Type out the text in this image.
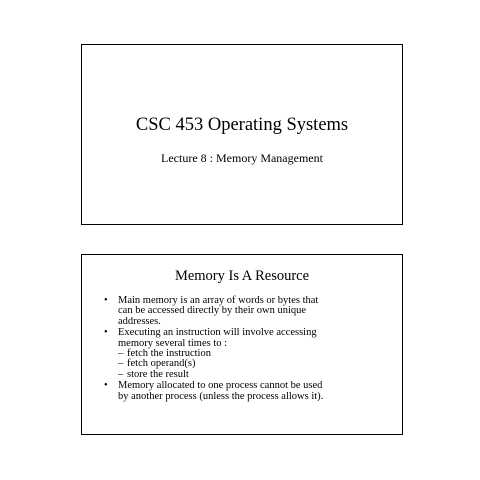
CSC 453 Operating Systems
Lecture 8 : Memory Management
Memory Is A Resource
• Main memory is an array of words or bytes that
can be accessed directly by their own unique
addresses.
• Executing an instruction will involve accessing
memory several times to :
– fetch the instruction
– fetch operand(s)
– store the result
• Memory allocated to one process cannot be used
by another process (unless the process allows it).
